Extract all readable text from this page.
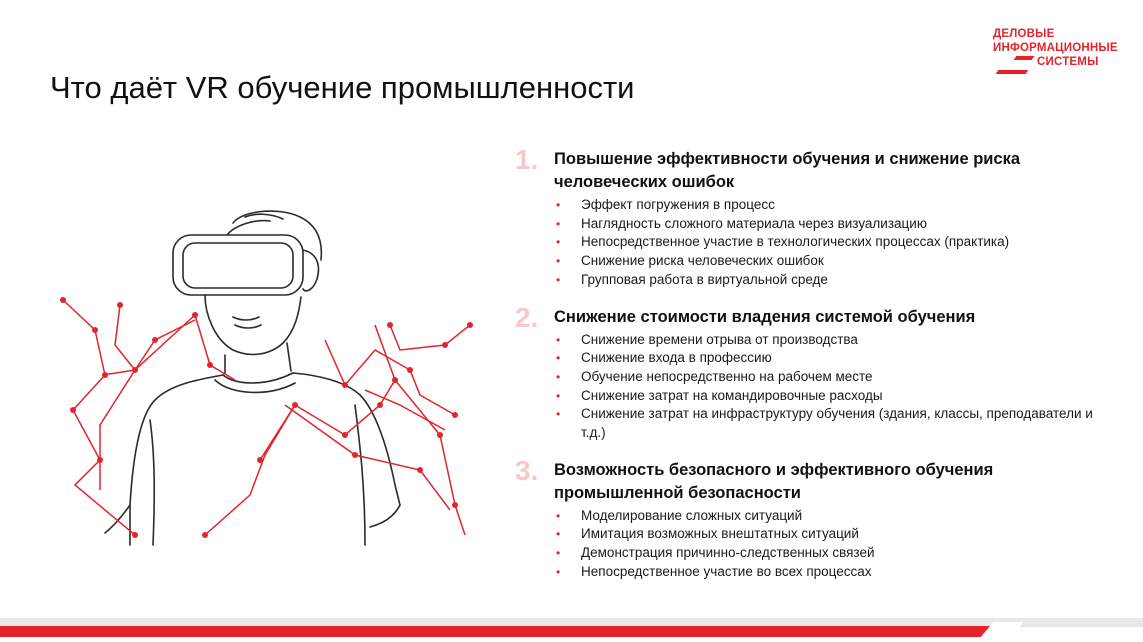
ДЕЛОВЫЕ
ИНФОРМАЦИОННЫЕ
СИСТЕМЫ
Что даёт VR обучение промышленности
1. Повышение эффективности обучения и снижение риска человеческих ошибок
• Эффект погружения в процесс
• Наглядность сложного материала через визуализацию
• Непосредственное участие в технологических процессах (практика)
• Снижение риска человеческих ошибок
• Групповая работа в виртуальной среде
2. Снижение стоимости владения системой обучения
• Снижение времени отрыва от производства
• Снижение входа в профессию
• Обучение непосредственно на рабочем месте
• Снижение затрат на командировочные расходы
• Снижение затрат на инфраструктуру обучения (здания, классы, преподаватели и т.д.)
3. Возможность безопасного и эффективного обучения промышленной безопасности
• Моделирование сложных ситуаций
• Имитация возможных внештатных ситуаций
• Демонстрация причинно-следственных связей
• Непосредственное участие во всех процессах
